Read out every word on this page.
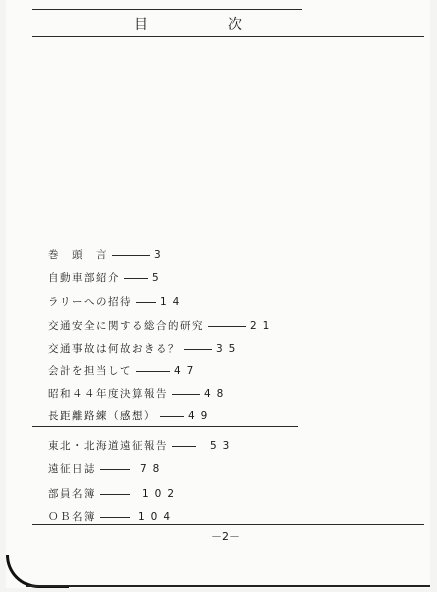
目	次
巻　頭　言	3
自動車部紹介	5
ラリーへの招待	14
交通安全に関する総合的研究	21
交通事故は何故おきる？	35
会計を担当して	47
昭和４４年度決算報告	48
長距離路練（感想）	49
東北・北海道遠征報告	53
遠征日誌	78
部員名簿	102
ＯＢ名簿	104
－2－
